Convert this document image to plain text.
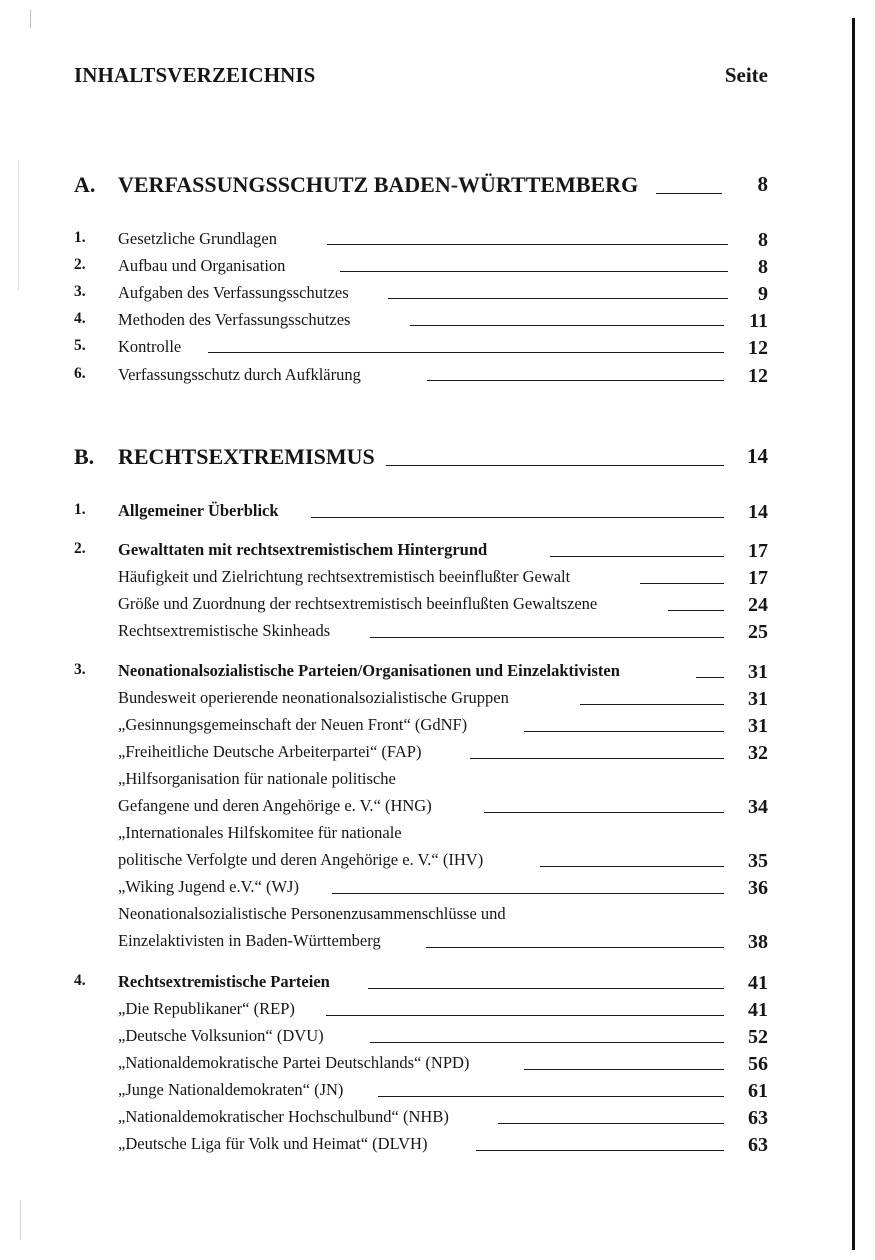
INHALTSVERZEICHNIS	Seite
A. VERFASSUNGSSCHUTZ BADEN-WÜRTTEMBERG	8
1. Gesetzliche Grundlagen	8
2. Aufbau und Organisation	8
3. Aufgaben des Verfassungsschutzes	9
4. Methoden des Verfassungsschutzes	11
5. Kontrolle	12
6. Verfassungsschutz durch Aufklärung	12
B. RECHTSEXTREMISMUS	14
1. Allgemeiner Überblick	14
2. Gewalttaten mit rechtsextremistischem Hintergrund	17
Häufigkeit und Zielrichtung rechtsextremistisch beeinflußter Gewalt	17
Größe und Zuordnung der rechtsextremistisch beeinflußten Gewaltszene	24
Rechtsextremistische Skinheads	25
3. Neonationalsozialistische Parteien/Organisationen und Einzelaktivisten	31
Bundesweit operierende neonationalsozialistische Gruppen	31
„Gesinnungsgemeinschaft der Neuen Front“ (GdNF)	31
„Freiheitliche Deutsche Arbeiterpartei“ (FAP)	32
„Hilfsorganisation für nationale politische
Gefangene und deren Angehörige e. V.“ (HNG)	34
„Internationales Hilfskomitee für nationale
politische Verfolgte und deren Angehörige e. V.“ (IHV)	35
„Wiking Jugend e.V.“ (WJ)	36
Neonationalsozialistische Personenzusammenschlüsse und
Einzelaktivisten in Baden-Württemberg	38
4. Rechtsextremistische Parteien	41
„Die Republikaner“ (REP)	41
„Deutsche Volksunion“ (DVU)	52
„Nationaldemokratische Partei Deutschlands“ (NPD)	56
„Junge Nationaldemokraten“ (JN)	61
„Nationaldemokratischer Hochschulbund“ (NHB)	63
„Deutsche Liga für Volk und Heimat“ (DLVH)	63
